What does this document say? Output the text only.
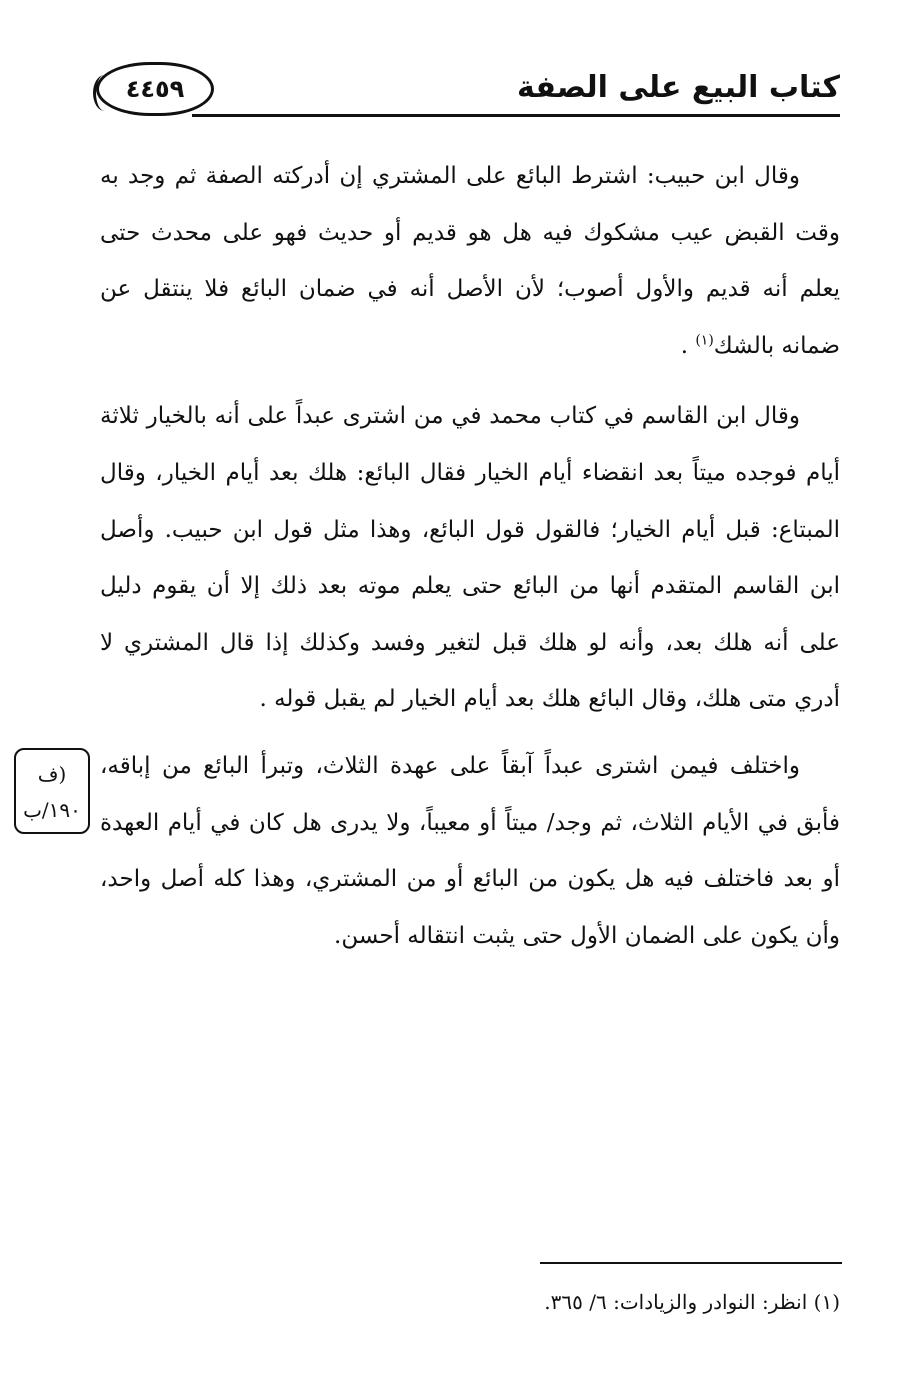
كتاب البيع على الصفة
٤٤٥٩

وقال ابن حبيب: اشترط البائع على المشتري إن أدركته الصفة ثم وجد به وقت القبض عيب مشكوك فيه هل هو قديم أو حديث فهو على محدث حتى يعلم أنه قديم والأول أصوب؛ لأن الأصل أنه في ضمان البائع فلا ينتقل عن ضمانه بالشك$^{(١)}$ .

وقال ابن القاسم في كتاب محمد في من اشترى عبداً على أنه بالخيار ثلاثة أيام فوجده ميتاً بعد انقضاء أيام الخيار فقال البائع: هلك بعد أيام الخيار، وقال المبتاع: قبل أيام الخيار؛ فالقول قول البائع، وهذا مثل قول ابن حبيب. وأصل ابن القاسم المتقدم أنها من البائع حتى يعلم موته بعد ذلك إلا أن يقوم دليل على أنه هلك بعد، وأنه لو هلك قبل لتغير وفسد وكذلك إذا قال المشتري لا أدري متى هلك، وقال البائع هلك بعد أيام الخيار لم يقبل قوله .

واختلف فيمن اشترى عبداً آبقاً على عهدة الثلاث، وتبرأ البائع من إباقه، فأبق في الأيام الثلاث، ثم وجد/ ميتاً أو معيباً، ولا يدرى هل كان في أيام العهدة أو بعد فاختلف فيه هل يكون من البائع أو من المشتري، وهذا كله أصل واحد، وأن يكون على الضمان الأول حتى يثبت انتقاله أحسن.

(ف
١٩٠/ب
(١) انظر: النوادر والزيادات: ٦/ ٣٦٥.
